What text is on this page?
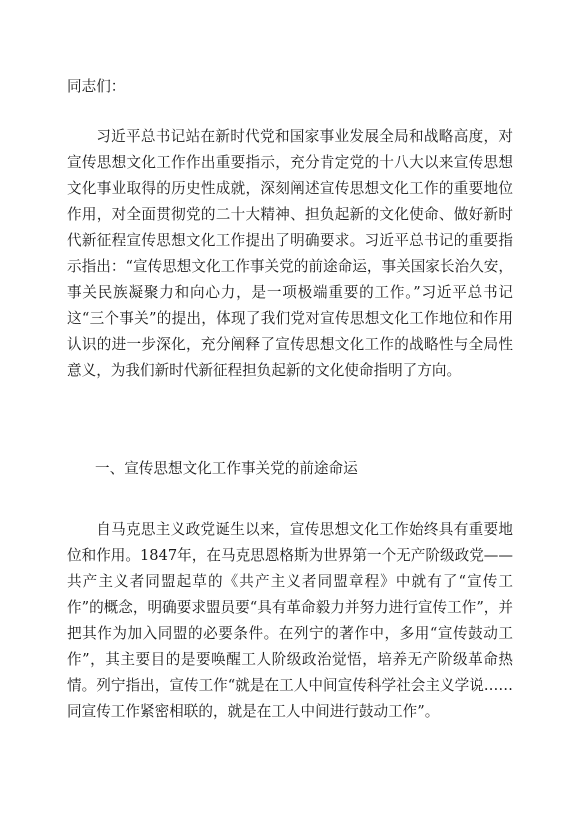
同志们：

习近平总书记站在新时代党和国家事业发展全局和战略高度，对宣传思想文化工作作出重要指示，充分肯定党的十八大以来宣传思想文化事业取得的历史性成就，深刻阐述宣传思想文化工作的重要地位作用，对全面贯彻党的二十大精神、担负起新的文化使命、做好新时代新征程宣传思想文化工作提出了明确要求。习近平总书记的重要指示指出：“宣传思想文化工作事关党的前途命运，事关国家长治久安，事关民族凝聚力和向心力，是一项极端重要的工作。”习近平总书记这“三个事关”的提出，体现了我们党对宣传思想文化工作地位和作用认识的进一步深化，充分阐释了宣传思想文化工作的战略性与全局性意义，为我们新时代新征程担负起新的文化使命指明了方向。

一、宣传思想文化工作事关党的前途命运

自马克思主义政党诞生以来，宣传思想文化工作始终具有重要地位和作用。1847年，在马克思恩格斯为世界第一个无产阶级政党——共产主义者同盟起草的《共产主义者同盟章程》中就有了“宣传工作”的概念，明确要求盟员要“具有革命毅力并努力进行宣传工作”，并把其作为加入同盟的必要条件。在列宁的著作中，多用“宣传鼓动工作”，其主要目的是要唤醒工人阶级政治觉悟，培养无产阶级革命热情。列宁指出，宣传工作“就是在工人中间宣传科学社会主义学说……同宣传工作紧密相联的，就是在工人中间进行鼓动工作”。
